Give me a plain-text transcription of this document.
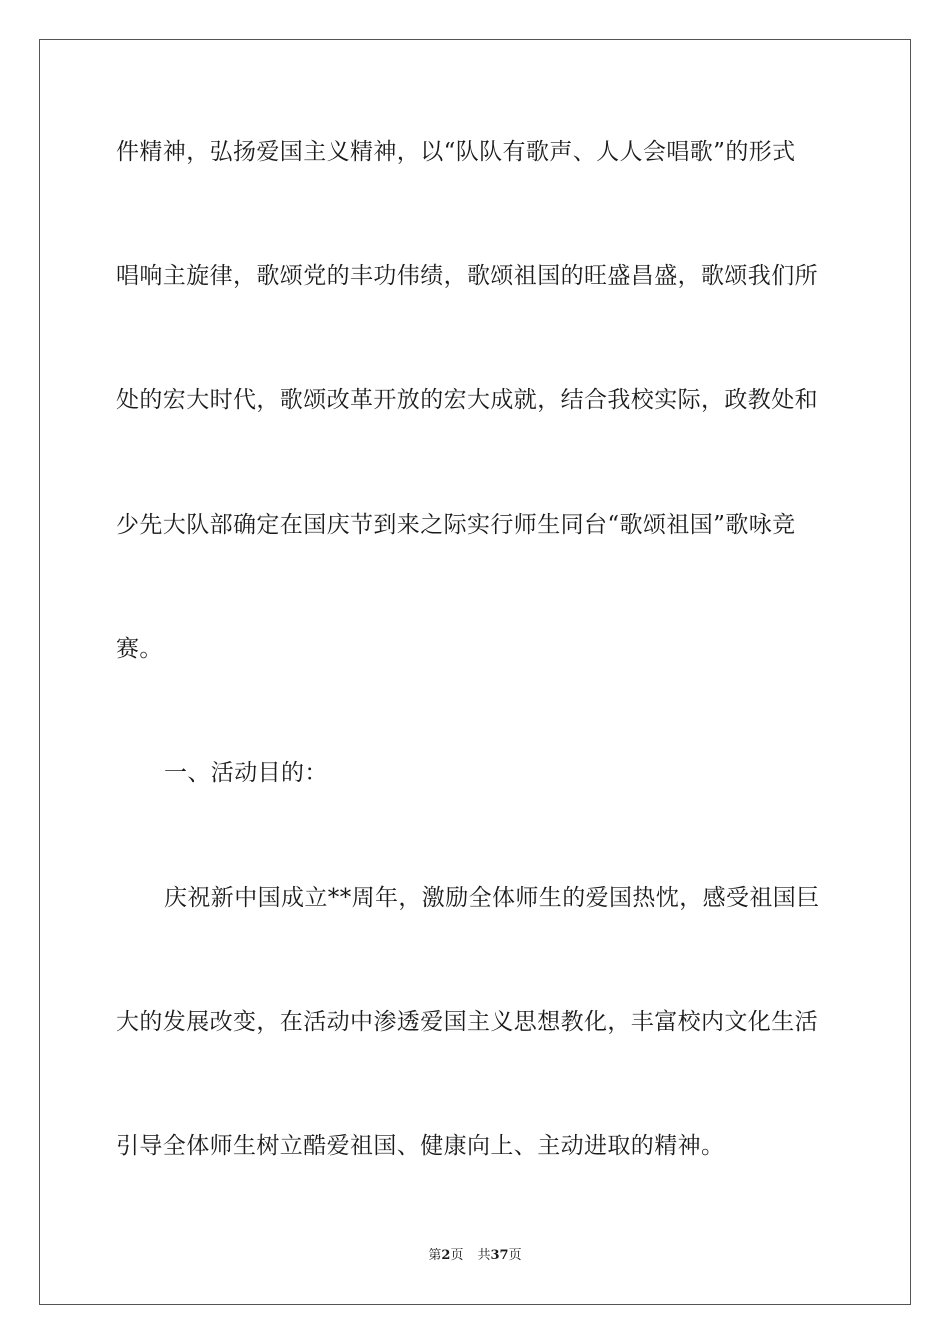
件精神，弘扬爱国主义精神，以“队队有歌声、人人会唱歌”的形式
唱响主旋律，歌颂党的丰功伟绩，歌颂祖国的旺盛昌盛，歌颂我们所
处的宏大时代，歌颂改革开放的宏大成就，结合我校实际，政教处和
少先大队部确定在国庆节到来之际实行师生同台“歌颂祖国”歌咏竞
赛。
一、活动目的：
庆祝新中国成立**周年，激励全体师生的爱国热忱，感受祖国巨
大的发展改变，在活动中渗透爱国主义思想教化，丰富校内文化生活
引导全体师生树立酷爱祖国、健康向上、主动进取的精神。
第2页 共37页
